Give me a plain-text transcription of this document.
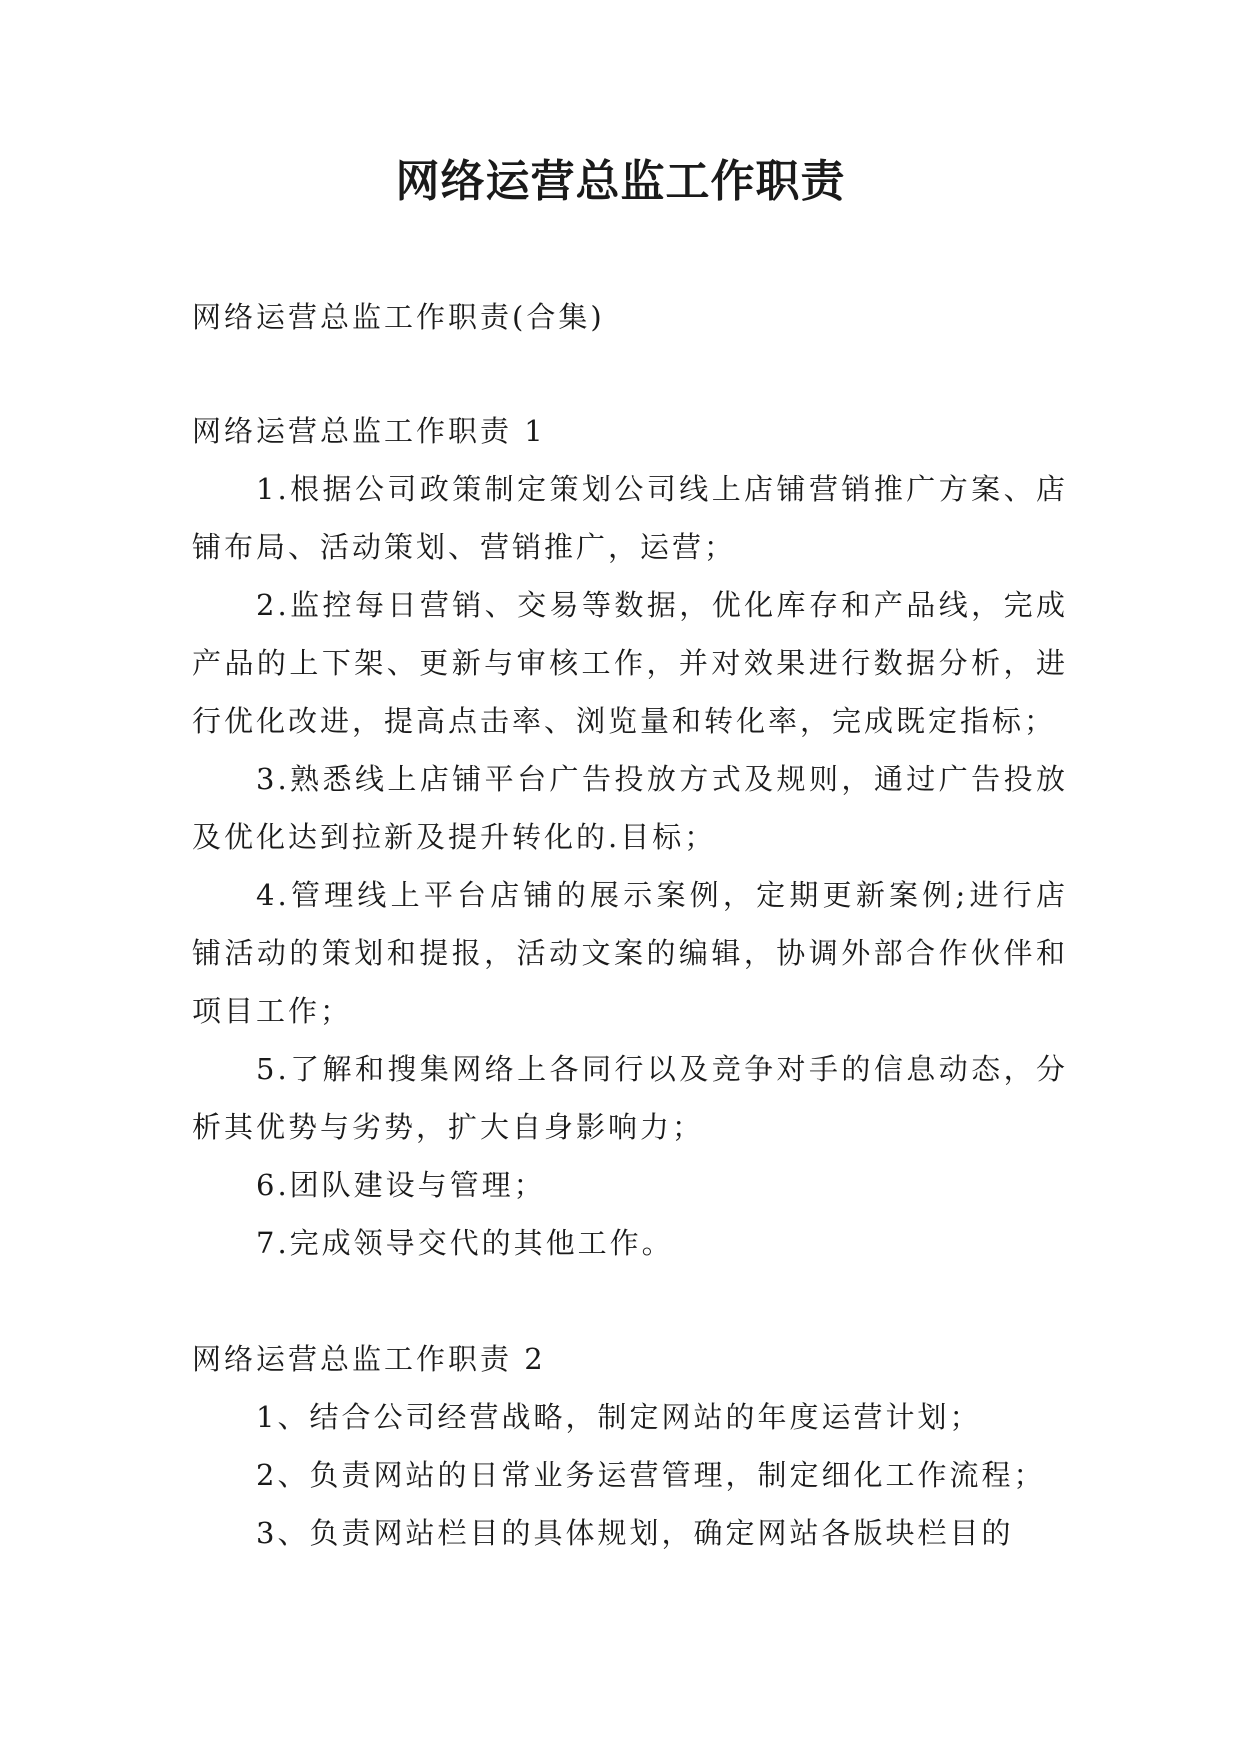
网络运营总监工作职责
网络运营总监工作职责(合集)
网络运营总监工作职责 1

1.根据公司政策制定策划公司线上店铺营销推广方案、店铺布局、活动策划、营销推广，运营；

2.监控每日营销、交易等数据，优化库存和产品线，完成产品的上下架、更新与审核工作，并对效果进行数据分析，进行优化改进，提高点击率、浏览量和转化率，完成既定指标；

3.熟悉线上店铺平台广告投放方式及规则，通过广告投放及优化达到拉新及提升转化的.目标；

4.管理线上平台店铺的展示案例，定期更新案例;进行店铺活动的策划和提报，活动文案的编辑，协调外部合作伙伴和项目工作；

5.了解和搜集网络上各同行以及竞争对手的信息动态，分析其优势与劣势，扩大自身影响力；

6.团队建设与管理；

7.完成领导交代的其他工作。

网络运营总监工作职责 2

1、结合公司经营战略，制定网站的年度运营计划；

2、负责网站的日常业务运营管理，制定细化工作流程；

3、负责网站栏目的具体规划，确定网站各版块栏目的
